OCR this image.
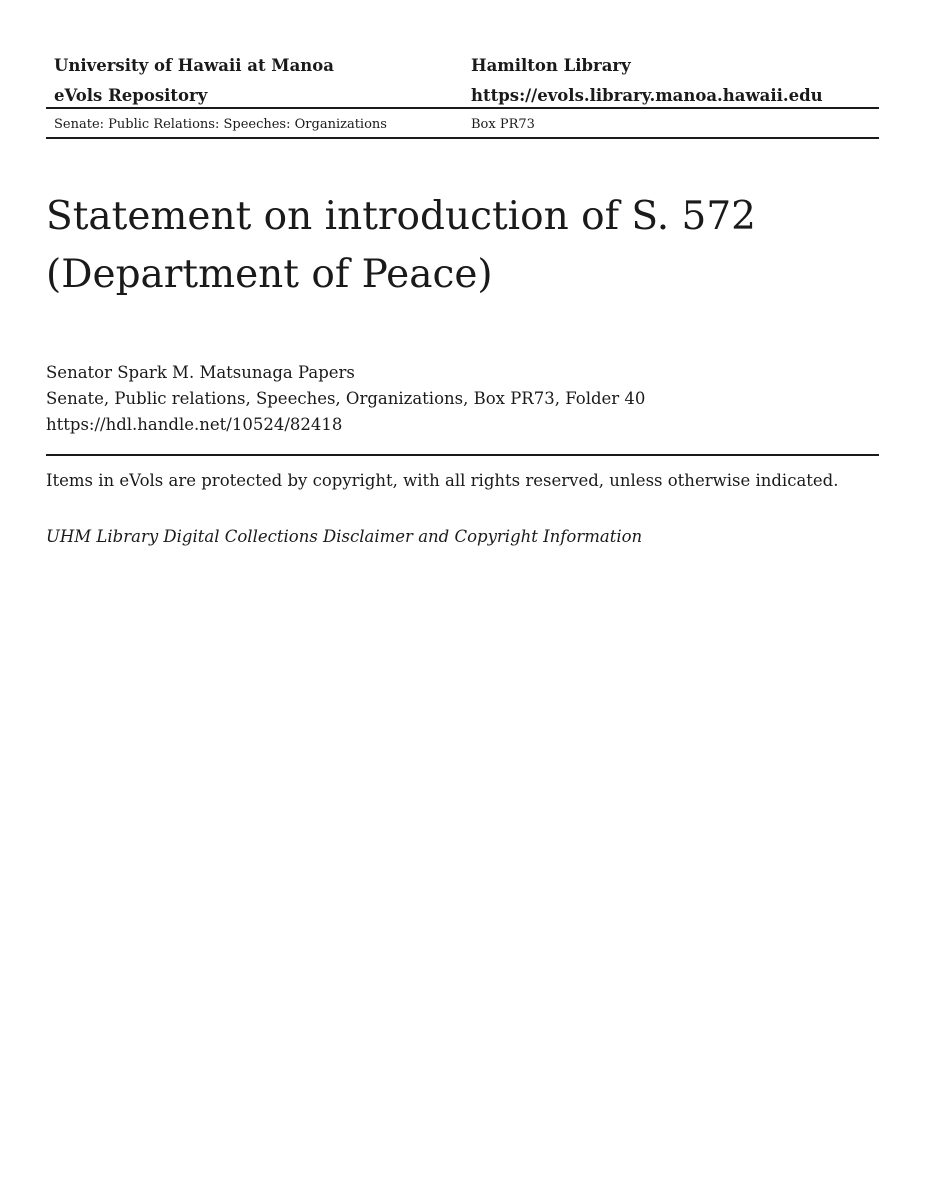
University of Hawaii at Manoa	Hamilton Library
eVols Repository	https://evols.library.manoa.hawaii.edu
Senate: Public Relations: Speeches: Organizations	Box PR73
Statement on introduction of S. 572
(Department of Peace)
Senator Spark M. Matsunaga Papers
Senate, Public relations, Speeches, Organizations, Box PR73, Folder 40
https://hdl.handle.net/10524/82418
Items in eVols are protected by copyright, with all rights reserved, unless otherwise indicated.
UHM Library Digital Collections Disclaimer and Copyright Information
